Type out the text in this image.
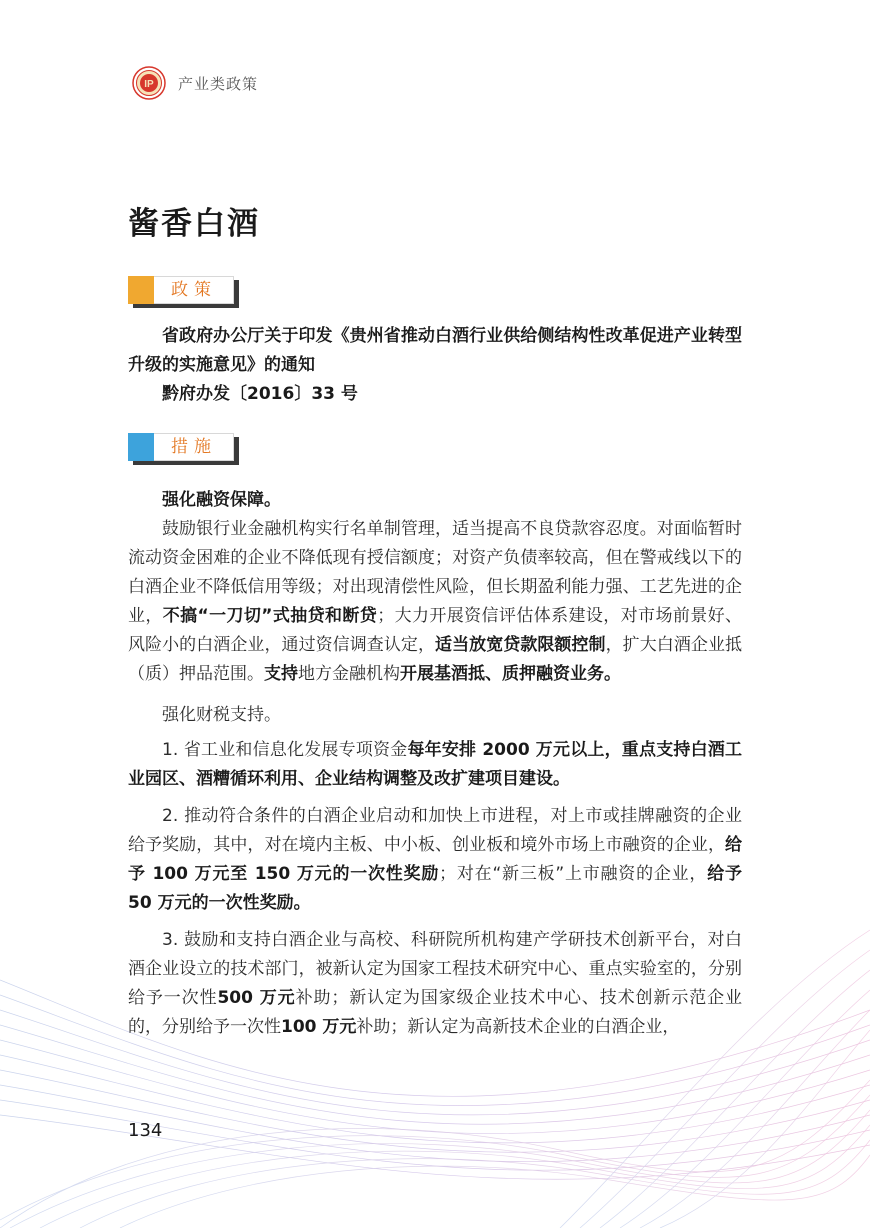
IP 产业类政策
酱香白酒
政策

省政府办公厅关于印发《贵州省推动白酒行业供给侧结构性改革促进产业转型升级的实施意见》的通知

黔府办发〔2016〕33 号

措施

强化融资保障。

鼓励银行业金融机构实行名单制管理，适当提高不良贷款容忍度。对面临暂时流动资金困难的企业不降低现有授信额度；对资产负债率较高，但在警戒线以下的白酒企业不降低信用等级；对出现清偿性风险，但长期盈利能力强、工艺先进的企业，不搞“一刀切”式抽贷和断贷；大力开展资信评估体系建设，对市场前景好、风险小的白酒企业，通过资信调查认定，适当放宽贷款限额控制，扩大白酒企业抵（质）押品范围。支持地方金融机构开展基酒抵、质押融资业务。

强化财税支持。

1. 省工业和信息化发展专项资金每年安排 2000 万元以上，重点支持白酒工业园区、酒糟循环利用、企业结构调整及改扩建项目建设。

2. 推动符合条件的白酒企业启动和加快上市进程，对上市或挂牌融资的企业给予奖励，其中，对在境内主板、中小板、创业板和境外市场上市融资的企业，给予 100 万元至 150 万元的一次性奖励；对在“新三板”上市融资的企业，给予 50 万元的一次性奖励。

3. 鼓励和支持白酒企业与高校、科研院所机构建产学研技术创新平台，对白酒企业设立的技术部门，被新认定为国家工程技术研究中心、重点实验室的，分别给予一次性500 万元补助；新认定为国家级企业技术中心、技术创新示范企业的，分别给予一次性100 万元补助；新认定为高新技术企业的白酒企业，

134
